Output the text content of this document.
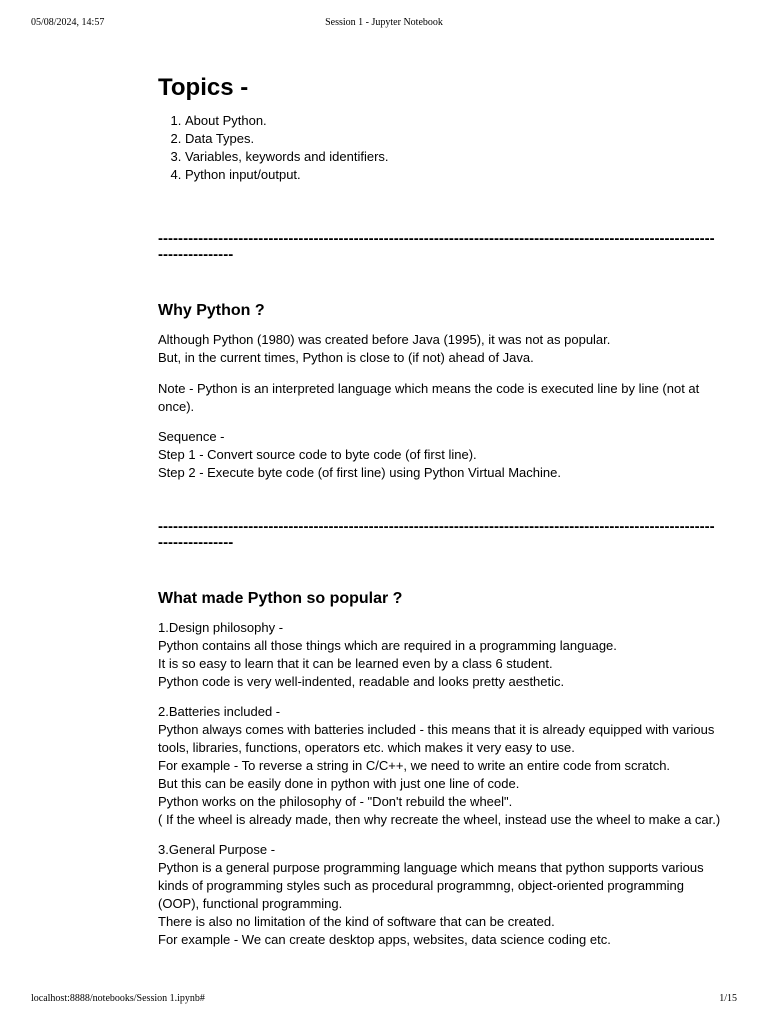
05/08/2024, 14:57	Session 1 - Jupyter Notebook
Topics -
1. About Python.
2. Data Types.
3. Variables, keywords and identifiers.
4. Python input/output.
------------------------------------------------------------------------------------------------------------------------------
Why Python ?

Although Python (1980) was created before Java (1995), it was not as popular.
But, in the current times, Python is close to (if not) ahead of Java.

Note - Python is an interpreted language which means the code is executed line by line (not at once).

Sequence -
Step 1 - Convert source code to byte code (of first line).
Step 2 - Execute byte code (of first line) using Python Virtual Machine.

------------------------------------------------------------------------------------------------------------------------------
What made Python so popular ?

1.Design philosophy -
Python contains all those things which are required in a programming language.
It is so easy to learn that it can be learned even by a class 6 student.
Python code is very well-indented, readable and looks pretty aesthetic.

2.Batteries included -
Python always comes with batteries included - this means that it is already equipped with various tools, libraries, functions, operators etc. which makes it very easy to use.
For example - To reverse a string in C/C++, we need to write an entire code from scratch.
But this can be easily done in python with just one line of code.
Python works on the philosophy of - "Don't rebuild the wheel".
( If the wheel is already made, then why recreate the wheel, instead use the wheel to make a car.)

3.General Purpose -
Python is a general purpose programming language which means that python supports various kinds of programming styles such as procedural programmng, object-oriented programming (OOP), functional programming.
There is also no limitation of the kind of software that can be created.
For example - We can create desktop apps, websites, data science coding etc.

localhost:8888/notebooks/Session 1.ipynb#	1/15
